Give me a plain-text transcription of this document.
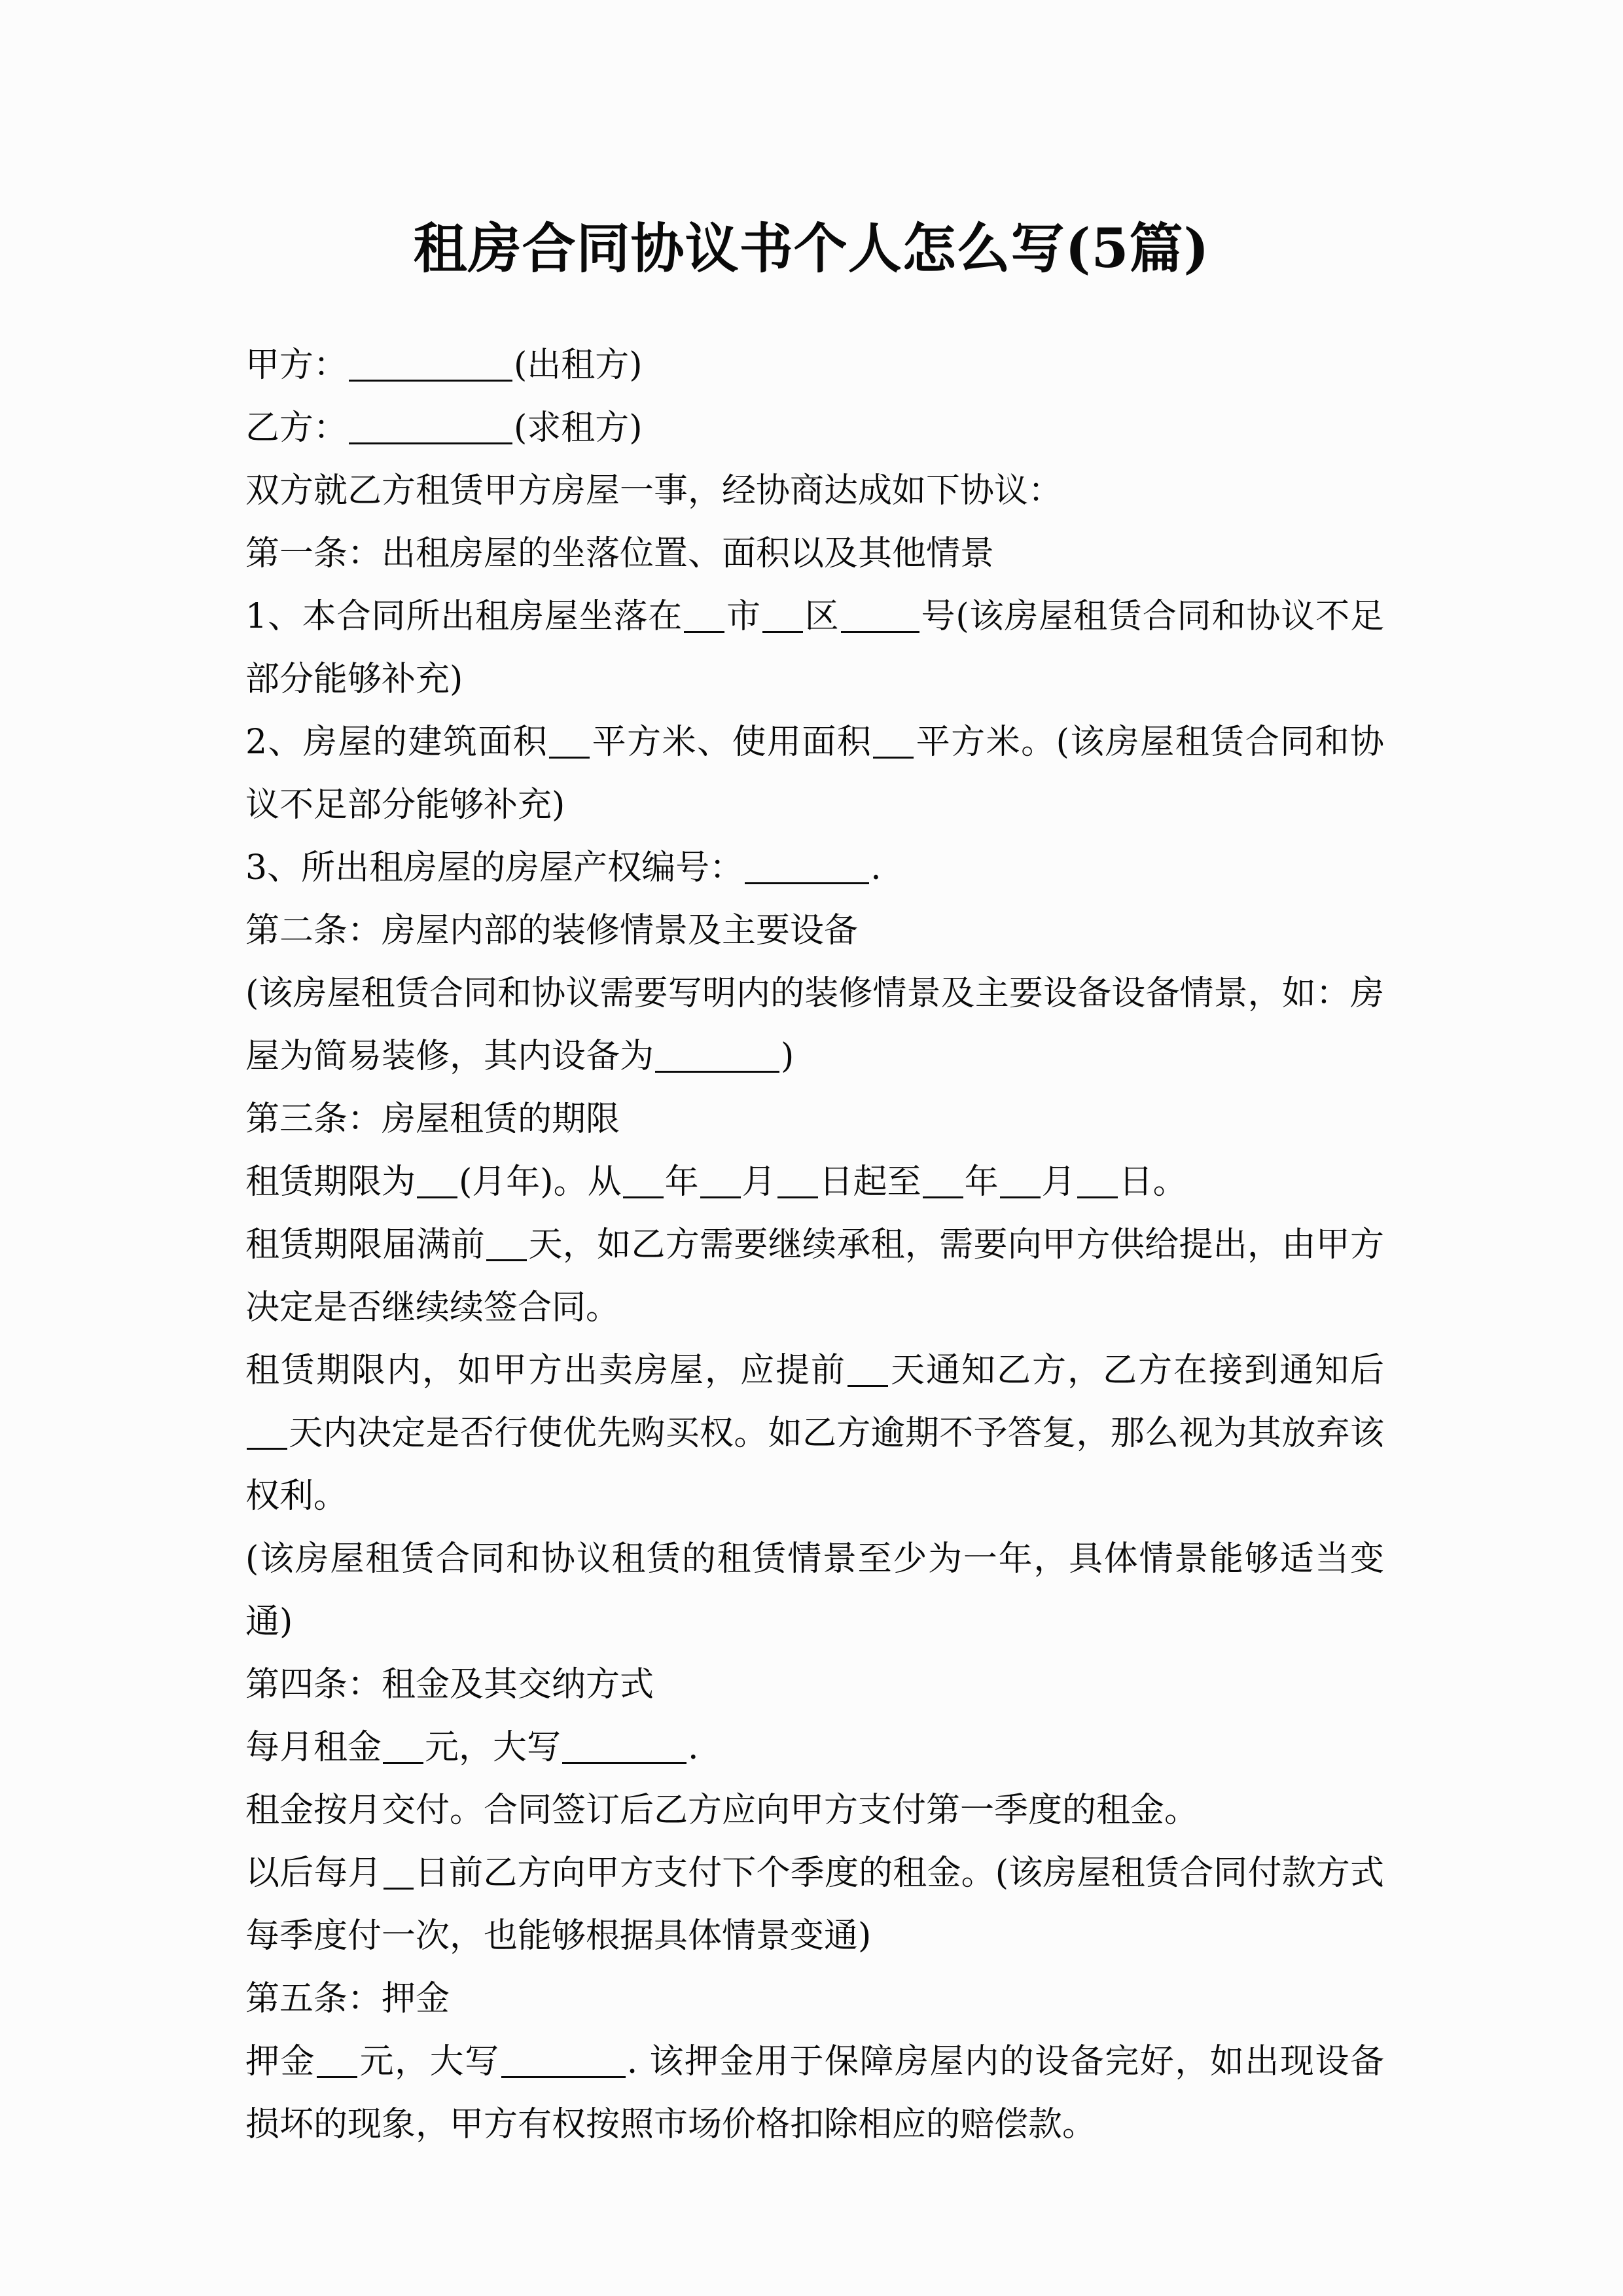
租房合同协议书个人怎么写(5篇)

甲方：	(出租方)

乙方：	(求租方)

双方就乙方租赁甲方房屋一事，经协商达成如下协议：

第一条：出租房屋的坐落位置、面积以及其他情景

1、本合同所出租房屋坐落在 市 区 号(该房屋租赁合同和协议不足部分能够补充)

2、房屋的建筑面积 平方米、使用面积 平方米。(该房屋租赁合同和协议不足部分能够补充)

3、所出租房屋的房屋产权编号：	.

第二条：房屋内部的装修情景及主要设备

(该房屋租赁合同和协议需要写明内的装修情景及主要设备设备情景，如：房屋为简易装修，其内设备为	)

第三条：房屋租赁的期限

租赁期限为 (月年)。从 年 月 日起至 年 月 日。

租赁期限届满前 天，如乙方需要继续承租，需要向甲方供给提出，由甲方决定是否继续续签合同。

租赁期限内，如甲方出卖房屋，应提前 天通知乙方，乙方在接到通知后天内决定是否行使优先购买权。如乙方逾期不予答复，那么视为其放弃该权利。

(该房屋租赁合同和协议租赁的租赁情景至少为一年，具体情景能够适当变通)

第四条：租金及其交纳方式

每月租金 元，大写	.

租金按月交付。合同签订后乙方应向甲方支付第一季度的租金。

以后每月 日前乙方向甲方支付下个季度的租金。(该房屋租赁合同付款方式每季度付一次，也能够根据具体情景变通)

第五条：押金

押金 元，大写	. 该押金用于保障房屋内的设备完好，如出现设备损坏的现象，甲方有权按照市场价格扣除相应的赔偿款。
